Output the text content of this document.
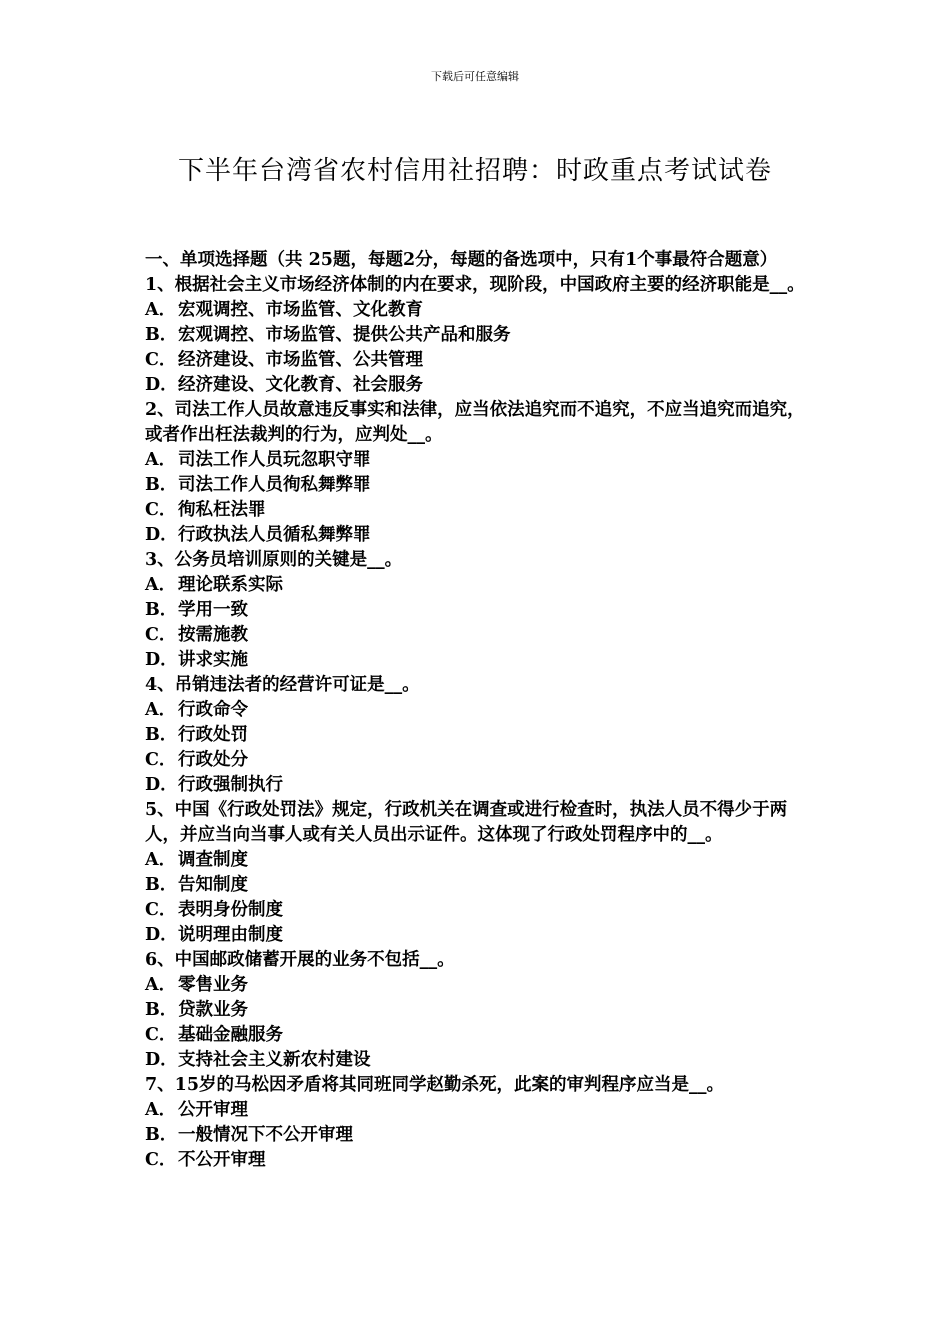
下载后可任意编辑
下半年台湾省农村信用社招聘：时政重点考试试卷

一、单项选择题（共 25题，每题2分，每题的备选项中，只有1个事最符合题意）

1、根据社会主义市场经济体制的内在要求，现阶段，中国政府主要的经济职能是__。

A． 宏观调控、市场监管、文化教育

B．宏观调控、市场监管、提供公共产品和服务

C．经济建设、市场监管、公共管理

D．经济建设、文化教育、社会服务

2、司法工作人员故意违反事实和法律，应当依法追究而不追究，不应当追究而追究，或者作出枉法裁判的行为，应判处__。

A． 司法工作人员玩忽职守罪

B．司法工作人员徇私舞弊罪

C．徇私枉法罪

D．行政执法人员循私舞弊罪

3、公务员培训原则的关键是__。

A． 理论联系实际

B．学用一致

C．按需施教

D．讲求实施

4、吊销违法者的经营许可证是__。

A． 行政命令

B．行政处罚

C．行政处分

D．行政强制执行

5、中国《行政处罚法》规定，行政机关在调查或进行检查时，执法人员不得少于两人，并应当向当事人或有关人员出示证件。这体现了行政处罚程序中的__。

A． 调查制度

B．告知制度

C．表明身份制度

D．说明理由制度

6、中国邮政储蓄开展的业务不包括__。

A． 零售业务

B．贷款业务

C．基础金融服务

D．支持社会主义新农村建设

7、15岁的马松因矛盾将其同班同学赵勤杀死，此案的审判程序应当是__。

A． 公开审理

B．一般情况下不公开审理

C．不公开审理
